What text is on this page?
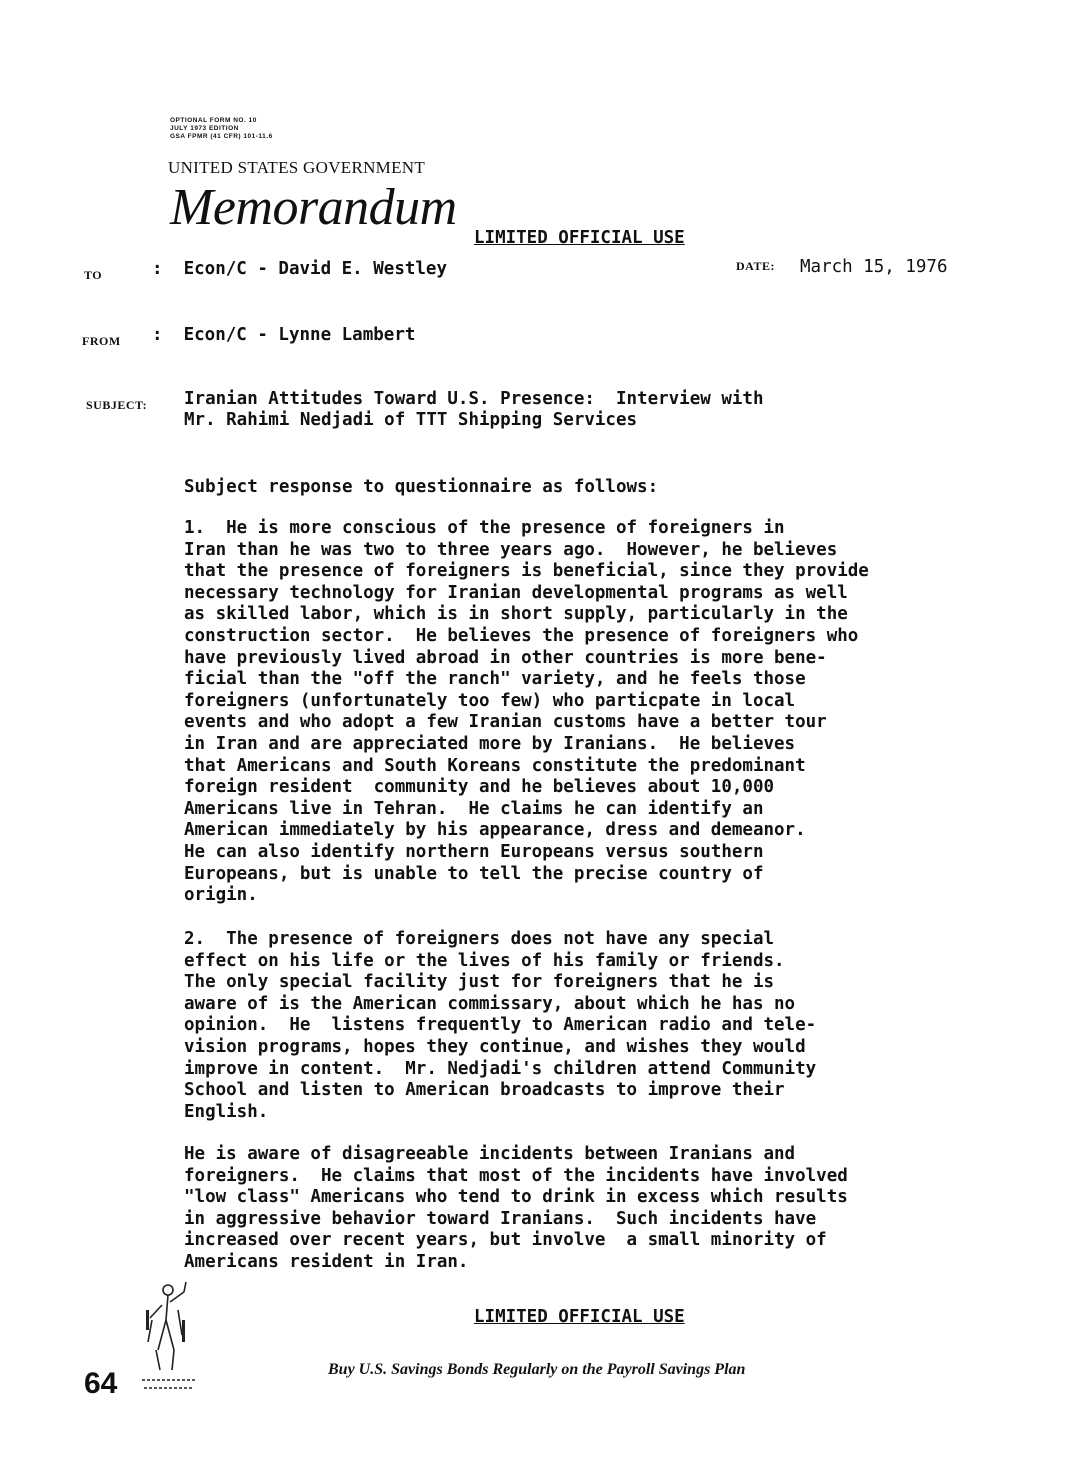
OPTIONAL FORM NO. 10
JULY 1973 EDITION
GSA FPMR (41 CFR) 101-11.6
UNITED STATES GOVERNMENT
Memorandum
LIMITED OFFICIAL USE
TO	:  Econ/C - David E. Westley	DATE: March 15, 1976
FROM :  Econ/C - Lynne Lambert
SUBJECT: Iranian Attitudes Toward U.S. Presence:  Interview with
Mr. Rahimi Nedjadi of TTT Shipping Services
Subject response to questionnaire as follows:
1.  He is more conscious of the presence of foreigners in
Iran than he was two to three years ago.  However, he believes
that the presence of foreigners is beneficial, since they provide
necessary technology for Iranian developmental programs as well
as skilled labor, which is in short supply, particularly in the
construction sector.  He believes the presence of foreigners who
have previously lived abroad in other countries is more bene-
ficial than the "off the ranch" variety, and he feels those
foreigners (unfortunately too few) who particpate in local
events and who adopt a few Iranian customs have a better tour
in Iran and are appreciated more by Iranians.  He believes
that Americans and South Koreans constitute the predominant
foreign resident  community and he believes about 10,000
Americans live in Tehran.  He claims he can identify an
American immediately by his appearance, dress and demeanor.
He can also identify northern Europeans versus southern
Europeans, but is unable to tell the precise country of
origin.
2.  The presence of foreigners does not have any special
effect on his life or the lives of his family or friends.
The only special facility just for foreigners that he is
aware of is the American commissary, about which he has no
opinion.  He  listens frequently to American radio and tele-
vision programs, hopes they continue, and wishes they would
improve in content.  Mr. Nedjadi's children attend Community
School and listen to American broadcasts to improve their
English.
He is aware of disagreeable incidents between Iranians and
foreigners.  He claims that most of the incidents have involved
"low class" Americans who tend to drink in excess which results
in aggressive behavior toward Iranians.  Such incidents have
increased over recent years, but involve  a small minority of
Americans resident in Iran.
LIMITED OFFICIAL USE
Buy U.S. Savings Bonds Regularly on the Payroll Savings Plan
64
